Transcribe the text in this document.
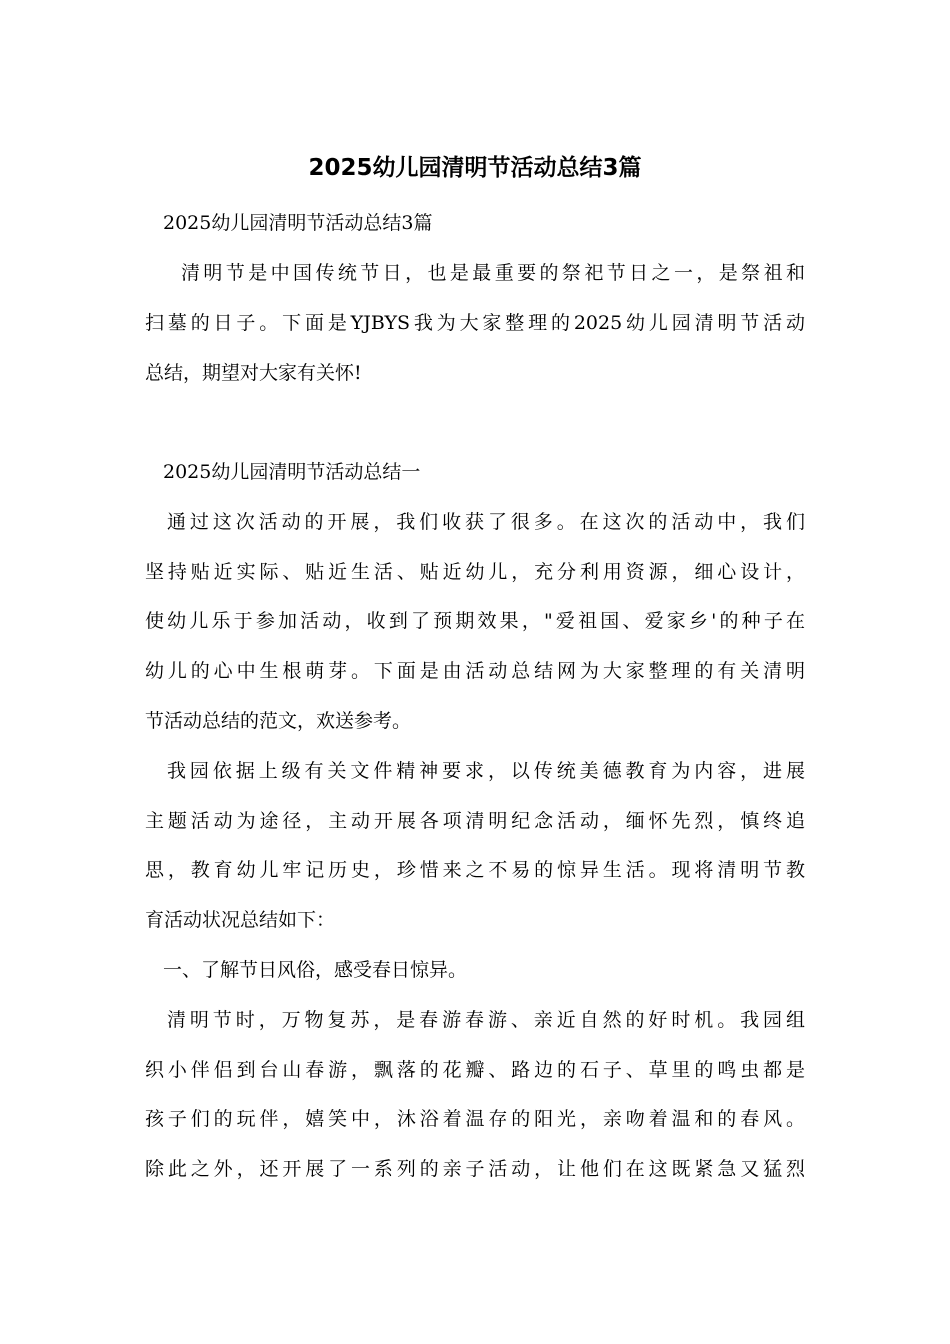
2025幼儿园清明节活动总结3篇
2025幼儿园清明节活动总结3篇
清明节是中国传统节日，也是最重要的祭祀节日之一，是祭祖和
扫墓的日子。下面是YJBYS我为大家整理的2025幼儿园清明节活动
总结，期望对大家有关怀!
2025幼儿园清明节活动总结一
通过这次活动的开展，我们收获了很多。在这次的活动中，我们
坚持贴近实际、贴近生活、贴近幼儿，充分利用资源，细心设计，
使幼儿乐于参加活动，收到了预期效果，"爱祖国、爱家乡'的种子在
幼儿的心中生根萌芽。下面是由活动总结网为大家整理的有关清明
节活动总结的范文，欢送参考。
我园依据上级有关文件精神要求，以传统美德教育为内容，进展
主题活动为途径，主动开展各项清明纪念活动，缅怀先烈，慎终追
思，教育幼儿牢记历史，珍惜来之不易的惊异生活。现将清明节教
育活动状况总结如下：
一、了解节日风俗，感受春日惊异。
清明节时，万物复苏，是春游春游、亲近自然的好时机。我园组
织小伴侣到台山春游，飘落的花瓣、路边的石子、草里的鸣虫都是
孩子们的玩伴，嬉笑中，沐浴着温存的阳光，亲吻着温和的春风。
除此之外，还开展了一系列的亲子活动，让他们在这既紧急又猛烈
